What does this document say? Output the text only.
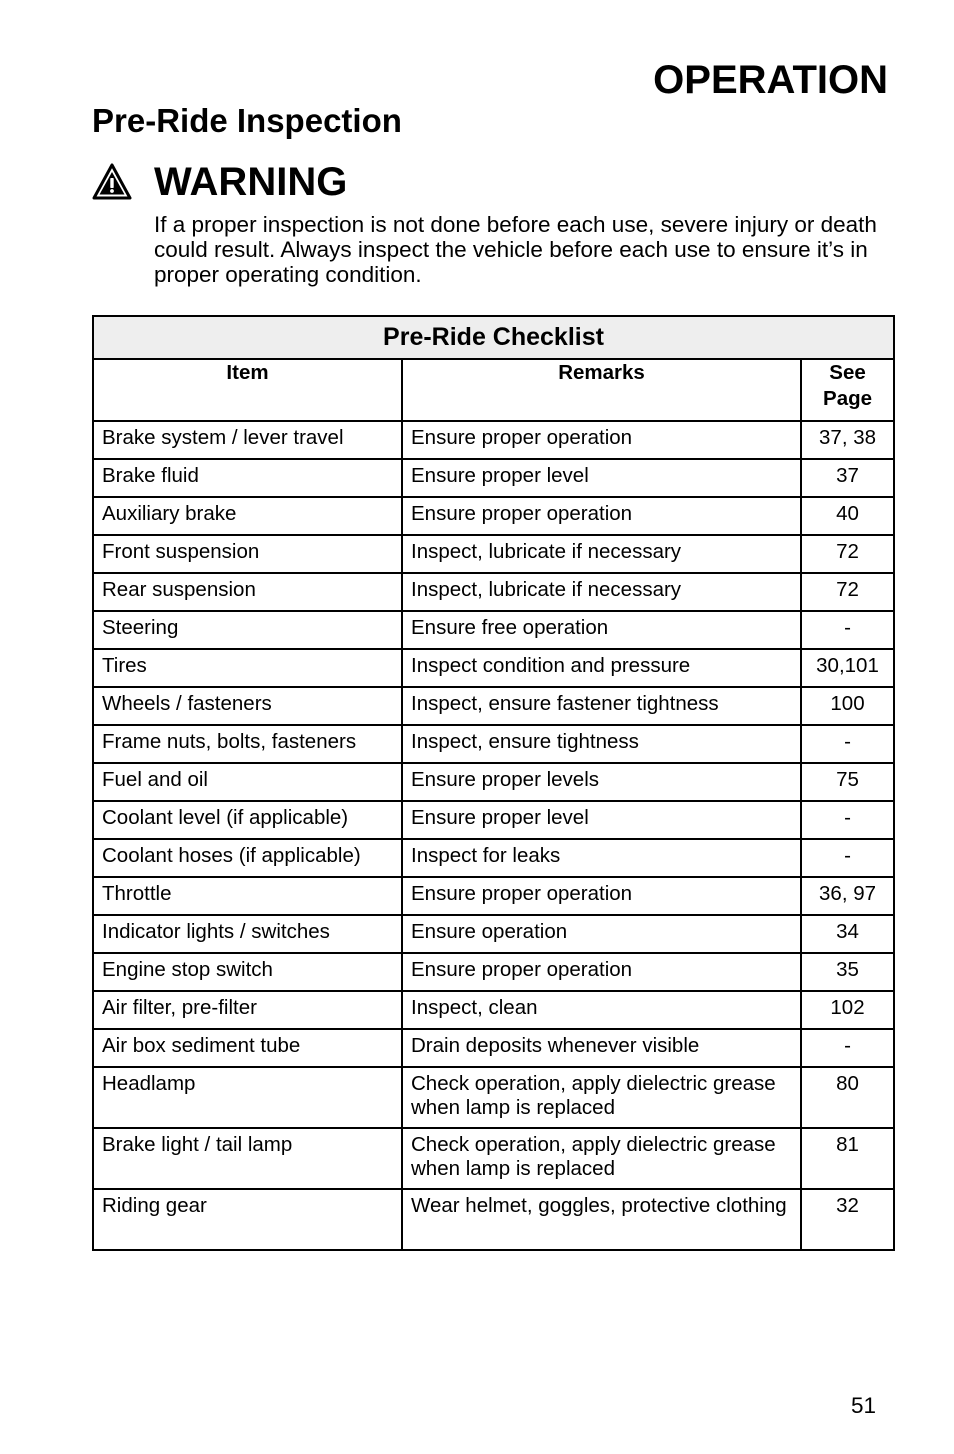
OPERATION
Pre-Ride Inspection
WARNING

If a proper inspection is not done before each use, severe injury or death could result. Always inspect the vehicle before each use to ensure it’s in proper operating condition.

Pre-Ride Checklist		
Item	Remarks	See Page

Brake system / lever travel	Ensure proper operation	37, 38
Brake fluid	Ensure proper level	37
Auxiliary brake	Ensure proper operation	40
Front suspension	Inspect, lubricate if necessary	72
Rear suspension	Inspect, lubricate if necessary	72
Steering	Ensure free operation	-
Tires	Inspect condition and pressure	30,101
Wheels / fasteners	Inspect, ensure fastener tightness	100
Frame nuts, bolts, fasteners	Inspect, ensure tightness	-
Fuel and oil	Ensure proper levels	75
Coolant level (if applicable)	Ensure proper level	-
Coolant hoses (if applicable)	Inspect for leaks	-
Throttle	Ensure proper operation	36, 97
Indicator lights / switches	Ensure operation	34
Engine stop switch	Ensure proper operation	35
Air filter, pre-filter	Inspect, clean	102
Air box sediment tube	Drain deposits whenever visible	-
Headlamp	Check operation, apply dielectric grease when lamp is replaced	80
Brake light / tail lamp	Check operation, apply dielectric grease when lamp is replaced	81
Riding gear	Wear helmet, goggles, protective clothing	32

51
